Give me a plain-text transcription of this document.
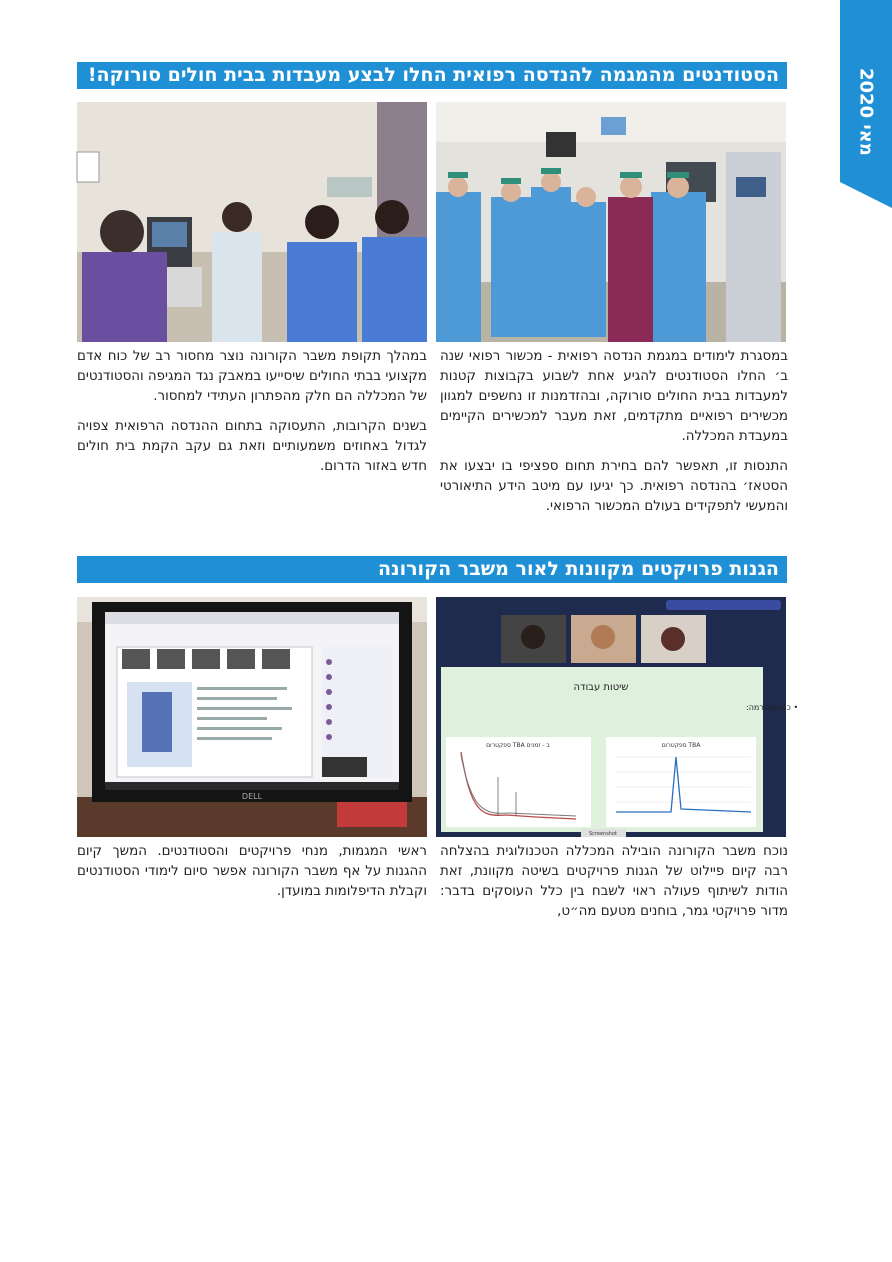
מאי 2020
הסטודנטים מהמגמה להנדסה רפואית החלו לבצע מעבדות בבית חולים סורוקה!

במסגרת לימודים במגמת הנדסה רפואית - מכשור רפואי שנה ב׳ החלו הסטודנטים להגיע אחת לשבוע בקבוצות קטנות למעבדות בבית החולים סורוקה, ובהזדמנות זו נחשפים למגוון מכשירים רפואיים מתקדמים, זאת מעבר למכשירים הקיימים במעבדת המכללה.

התנסות זו, תאפשר להם בחירת תחום ספציפי בו יבצעו את הסטאז׳ בהנדסה רפואית. כך יגיעו עם מיטב הידע התיאורטי והמעשי לתפקידים בעולם המכשור הרפואי.

במהלך תקופת משבר הקורונה נוצר מחסור רב של כוח אדם מקצועי בבתי החולים שיסייעו במאבק נגד המגיפה והסטודנטים של המכללה הם חלק מהפתרון העתידי למחסור.

בשנים הקרובות, התעסוקה בתחום ההנדסה הרפואית צפויה לגדול באחוזים משמעותיים וזאת גם עקב הקמת בית חולים חדש באזור הדרום.

הגנות פרויקטים מקוונות לאור משבר הקורונה
DELL
שיטות עבודה
• כרומטוגרמה:
ספקטרום TBA ב - זמנים	ספקטרום TBA
Screenshot

נוכח משבר הקורונה הובילה המכללה הטכנולוגית בהצלחה רבה קיום פיילוט של הגנות פרויקטים בשיטה מקוונת, זאת הודות לשיתוף פעולה ראוי לשבח בין כלל העוסקים בדבר: מדור פרויקטי גמר, בוחנים מטעם מה״ט,

ראשי המגמות, מנחי פרויקטים והסטודנטים. המשך קיום ההגנות על אף משבר הקורונה אפשר סיום לימודי הסטודנטים וקבלת הדיפלומות במועדן.
